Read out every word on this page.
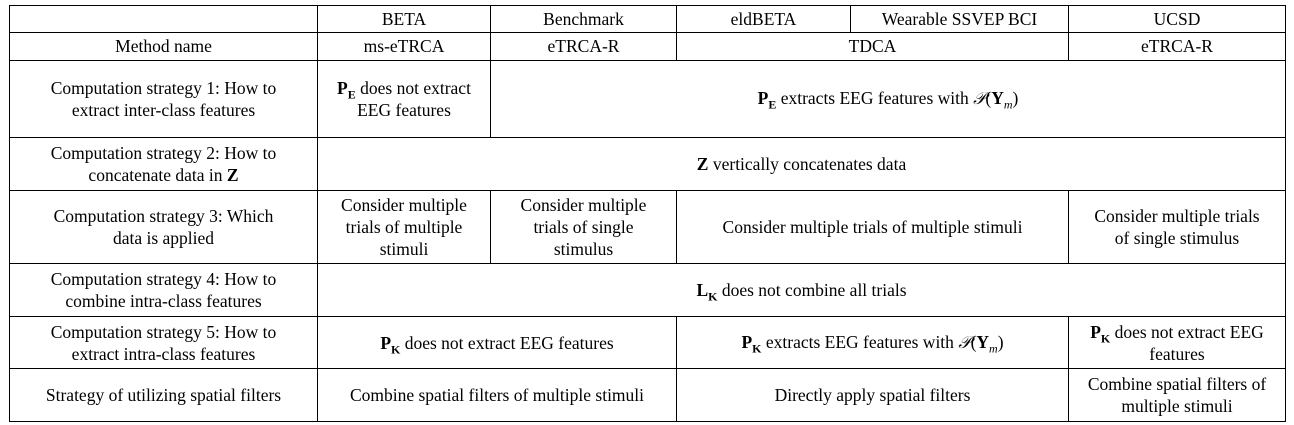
	BETA	Benchmark	eldBETA	Wearable SSVEP BCI	UCSD
Method name	ms-eTRCA	eTRCA-R	TDCA		eTRCA-R
Computation strategy 1: How to extract inter-class features	$P_E$ does not extract EEG features	$P_E$ extracts EEG features with $𝒫(Y_m)$			
Computation strategy 2: How to concatenate data in Z	Z vertically concatenates data				
Computation strategy 3: Which data is applied	Consider multiple trials of multiple stimuli	Consider multiple trials of single stimulus	Consider multiple trials of multiple stimuli		Consider multiple trials of single stimulus
Computation strategy 4: How to combine intra-class features	$L_K$ does not combine all trials				
Computation strategy 5: How to extract intra-class features	$P_K$ does not extract EEG features		$P_K$ extracts EEG features with $𝒫(Y_m)$		$P_K$ does not extract EEG features
Strategy of utilizing spatial filters	Combine spatial filters of multiple stimuli		Directly apply spatial filters		Combine spatial filters of multiple stimuli
